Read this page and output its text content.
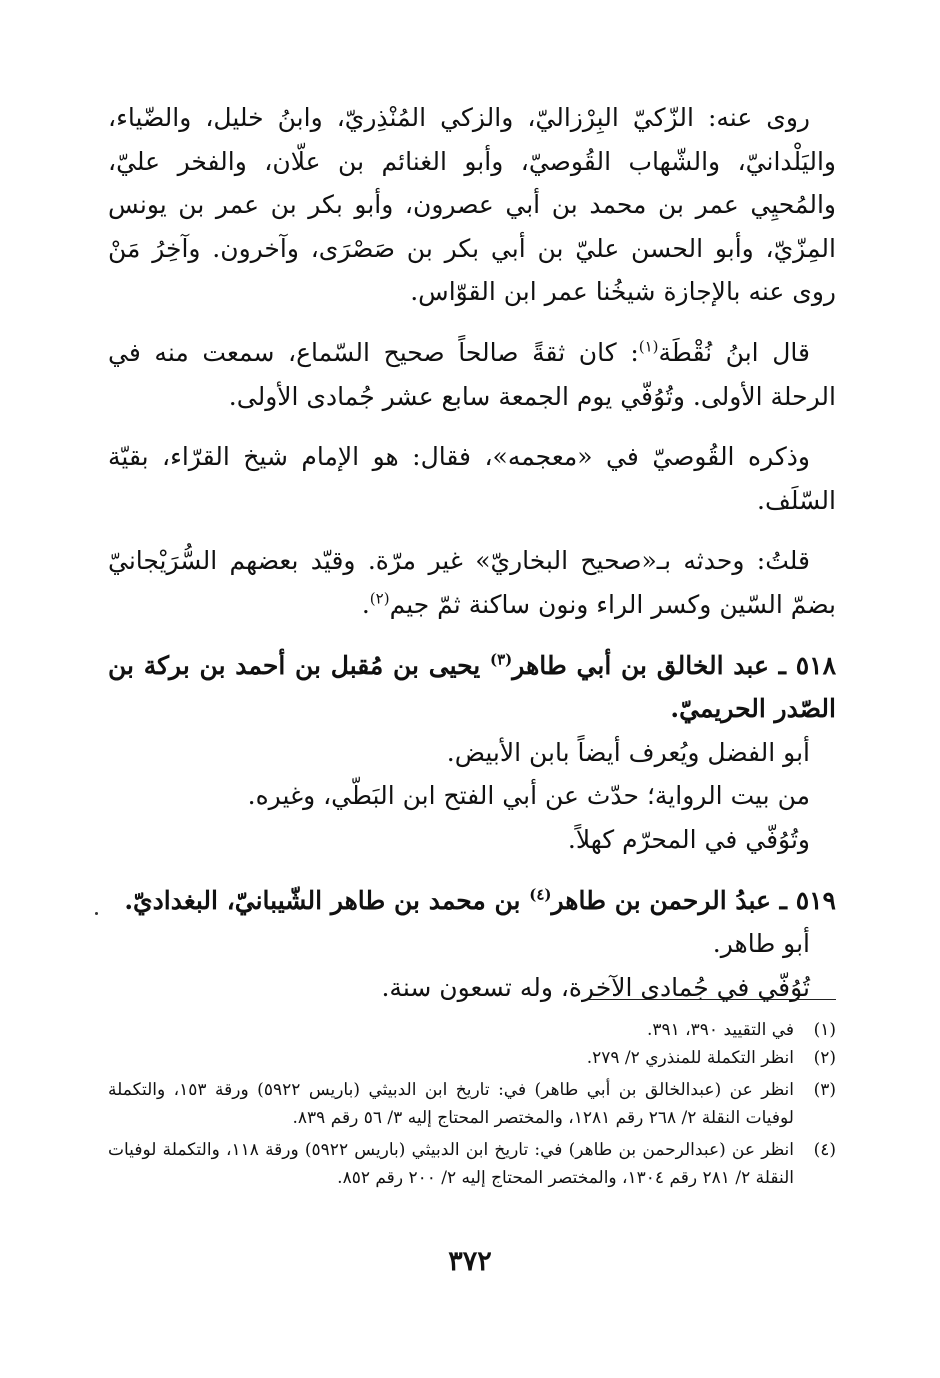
روى عنه: الزّكيّ البِرْزاليّ، والزكي المُنْذِريّ، وابنُ خليل، والضّياء، واليَلْدانيّ، والشّهاب القُوصيّ، وأبو الغنائم بن علّان، والفخر عليّ، والمُحيِي عمر بن محمد بن أبي عصرون، وأبو بكر بن عمر بن يونس المِزّيّ، وأبو الحسن عليّ بن أبي بكر بن صَصْرَى، وآخرون. وآخِرُ مَنْ روى عنه بالإجازة شيخُنا عمر ابن القوّاس.

قال ابنُ نُقْطَة$^{(١)}$: كان ثقةً صالحاً صحيح السّماع، سمعت منه في الرحلة الأولى. وتُوُفّي يوم الجمعة سابع عشر جُمادى الأولى.

وذكره القُوصيّ في «معجمه»، فقال: هو الإمام شيخ القرّاء، بقيّة السّلَف.

قلتُ: وحدثه بـ«صحيح البخاريّ» غير مرّة. وقيّد بعضهم السُّرَيْجانيّ بضمّ السّين وكسر الراء ونون ساكنة ثمّ جيم$^{(٢)}$.

٥١٨ ـ عبد الخالق بن أبي طاهر$^{(٣)}$ يحيى بن مُقبل بن أحمد بن بركة بن الصّدر الحريميّ.

أبو الفضل ويُعرف أيضاً بابن الأبيض.

من بيت الرواية؛ حدّث عن أبي الفتح ابن البَطّي، وغيره.

وتُوُفّي في المحرّم كهلاً.

٥١٩ ـ عبدُ الرحمن بن طاهر$^{(٤)}$ بن محمد بن طاهر الشّيبانيّ، البغداديّ.

أبو طاهر.

تُوُفّي في جُمادى الآخرة، وله تسعون سنة.

(١)
في التقييد ٣٩٠، ٣٩١.
(٢)
انظر التكملة للمنذري ٢/ ٢٧٩.
(٣)
انظر عن (عبدالخالق بن أبي طاهر) في: تاريخ ابن الدبيثي (باريس ٥٩٢٢) ورقة ١٥٣، والتكملة لوفيات النقلة ٢/ ٢٦٨ رقم ١٢٨١، والمختصر المحتاج إليه ٣/ ٥٦ رقم ٨٣٩.
(٤)
انظر عن (عبدالرحمن بن طاهر) في: تاريخ ابن الدبيثي (باريس ٥٩٢٢) ورقة ١١٨، والتكملة لوفيات النقلة ٢/ ٢٨١ رقم ١٣٠٤، والمختصر المحتاج إليه ٢/ ٢٠٠ رقم ٨٥٢.
٣٧٢
